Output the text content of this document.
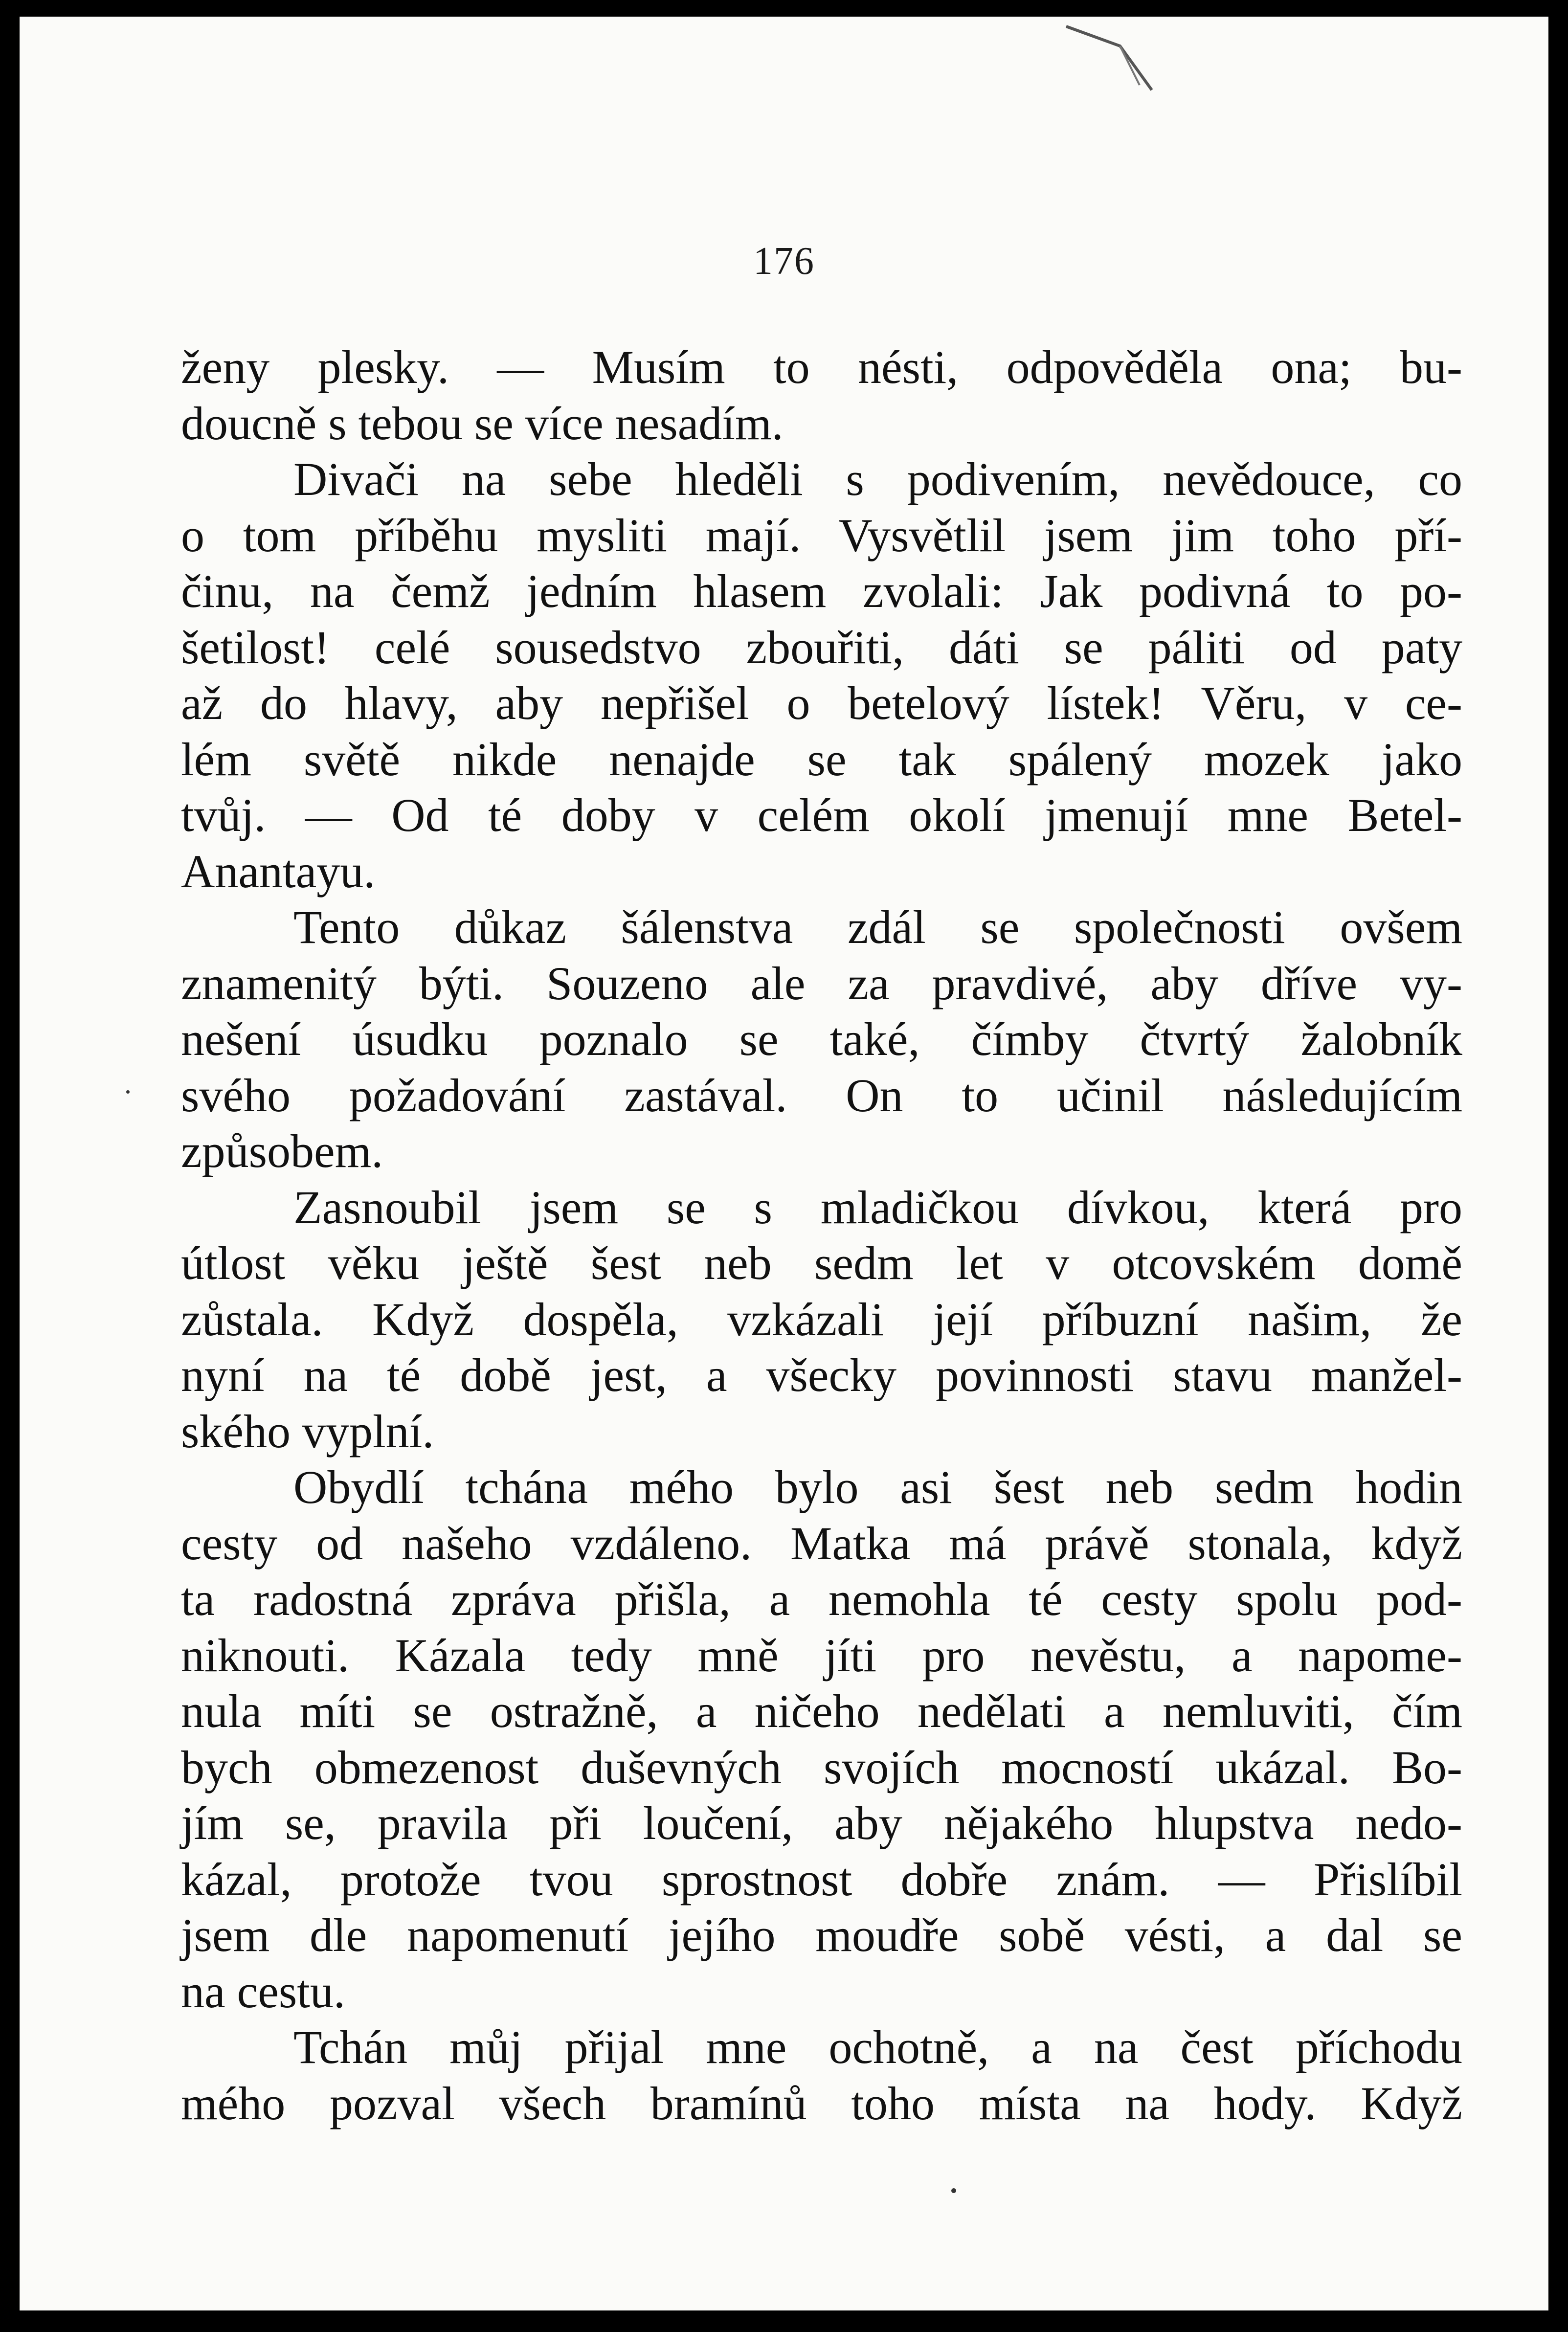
176
ženy plesky. — Musím to nésti, odpověděla ona; bu-
doucně s tebou se více nesadím.
Divači na sebe hleděli s podivením, nevědouce, co
o tom příběhu mysliti mají. Vysvětlil jsem jim toho pří-
činu, na čemž jedním hlasem zvolali: Jak podivná to po-
šetilost! celé sousedstvo zbouřiti, dáti se páliti od paty
až do hlavy, aby nepřišel o betelový lístek! Věru, v ce-
lém světě nikde nenajde se tak spálený mozek jako
tvůj. — Od té doby v celém okolí jmenují mne Betel-
Anantayu.
Tento důkaz šálenstva zdál se společnosti ovšem
znamenitý býti. Souzeno ale za pravdivé, aby dříve vy-
nešení úsudku poznalo se také, čímby čtvrtý žalobník
svého požadování zastával. On to učinil následujícím
způsobem.
Zasnoubil jsem se s mladičkou dívkou, která pro
útlost věku ještě šest neb sedm let v otcovském domě
zůstala. Když dospěla, vzkázali její příbuzní našim, že
nyní na té době jest, a všecky povinnosti stavu manžel-
ského vyplní.
Obydlí tchána mého bylo asi šest neb sedm hodin
cesty od našeho vzdáleno. Matka má právě stonala, když
ta radostná zpráva přišla, a nemohla té cesty spolu pod-
niknouti. Kázala tedy mně jíti pro nevěstu, a napome-
nula míti se ostražně, a ničeho nedělati a nemluviti, čím
bych obmezenost duševných svojích mocností ukázal. Bo-
jím se, pravila při loučení, aby nějakého hlupstva nedo-
kázal, protože tvou sprostnost dobře znám. — Přislíbil
jsem dle napomenutí jejího moudře sobě vésti, a dal se
na cestu.
Tchán můj přijal mne ochotně, a na čest příchodu
mého pozval všech bramínů toho místa na hody. Když
